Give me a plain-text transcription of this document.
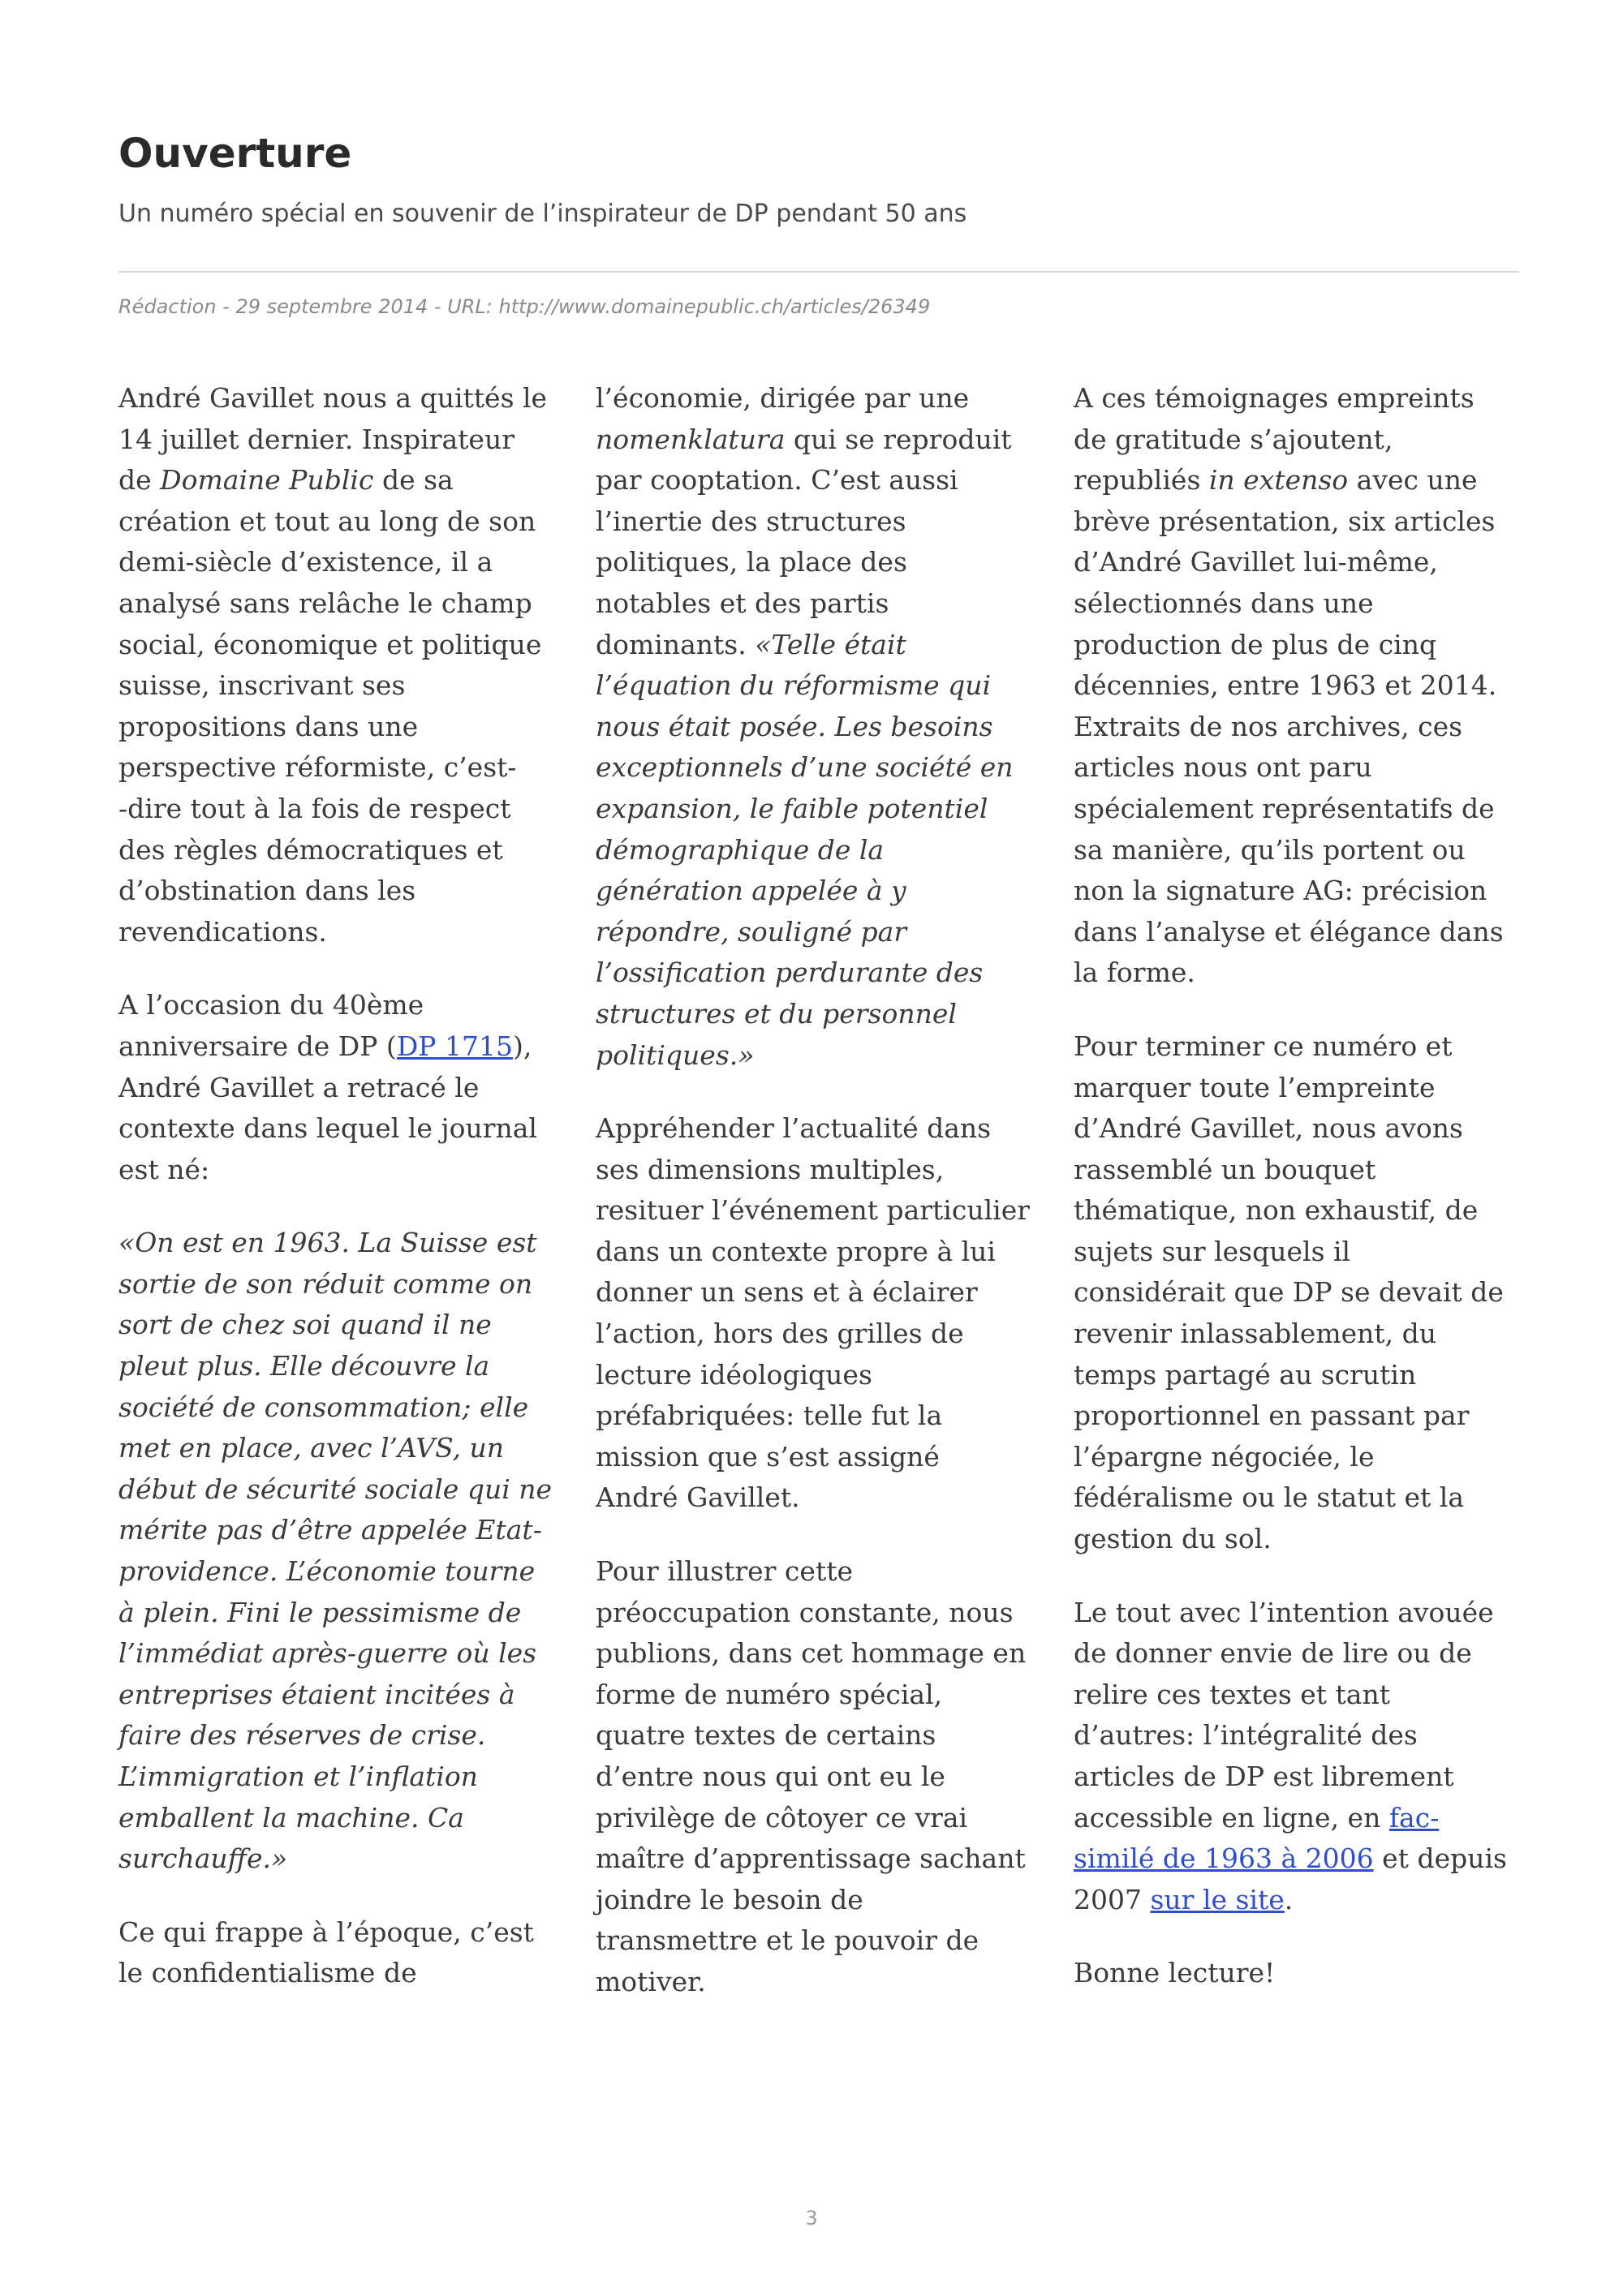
Ouverture

Un numéro spécial en souvenir de l’inspirateur de DP pendant 50 ans

Rédaction - 29 septembre 2014 - URL: http://www.domainepublic.ch/articles/26349

André Gavillet nous a quittés le
14 juillet dernier. Inspirateur
de Domaine Public de sa
création et tout au long de son
demi-siècle d’existence, il a
analysé sans relâche le champ
social, économique et politique
suisse, inscrivant ses
propositions dans une
perspective réformiste, c’est-
-dire tout à la fois de respect
des règles démocratiques et
d’obstination dans les
revendications.

A l’occasion du 40ème
anniversaire de DP (DP 1715),
André Gavillet a retracé le
contexte dans lequel le journal
est né:

«On est en 1963. La Suisse est
sortie de son réduit comme on
sort de chez soi quand il ne
pleut plus. Elle découvre la
société de consommation; elle
met en place, avec l’AVS, un
début de sécurité sociale qui ne
mérite pas d’être appelée Etat-
providence. L’économie tourne
à plein. Fini le pessimisme de
l’immédiat après-guerre où les
entreprises étaient incitées à
faire des réserves de crise.
L’immigration et l’inflation
emballent la machine. Ca
surchauffe.»

Ce qui frappe à l’époque, c’est
le confidentialisme de

l’économie, dirigée par une
nomenklatura qui se reproduit
par cooptation. C’est aussi
l’inertie des structures
politiques, la place des
notables et des partis
dominants. «Telle était
l’équation du réformisme qui
nous était posée. Les besoins
exceptionnels d’une société en
expansion, le faible potentiel
démographique de la
génération appelée à y
répondre, souligné par
l’ossification perdurante des
structures et du personnel
politiques.»

Appréhender l’actualité dans
ses dimensions multiples,
resituer l’événement particulier
dans un contexte propre à lui
donner un sens et à éclairer
l’action, hors des grilles de
lecture idéologiques
préfabriquées: telle fut la
mission que s’est assigné
André Gavillet.

Pour illustrer cette
préoccupation constante, nous
publions, dans cet hommage en
forme de numéro spécial,
quatre textes de certains
d’entre nous qui ont eu le
privilège de côtoyer ce vrai
maître d’apprentissage sachant
joindre le besoin de
transmettre et le pouvoir de
motiver.

A ces témoignages empreints
de gratitude s’ajoutent,
republiés in extenso avec une
brève présentation, six articles
d’André Gavillet lui-même,
sélectionnés dans une
production de plus de cinq
décennies, entre 1963 et 2014.
Extraits de nos archives, ces
articles nous ont paru
spécialement représentatifs de
sa manière, qu’ils portent ou
non la signature AG: précision
dans l’analyse et élégance dans
la forme.

Pour terminer ce numéro et
marquer toute l’empreinte
d’André Gavillet, nous avons
rassemblé un bouquet
thématique, non exhaustif, de
sujets sur lesquels il
considérait que DP se devait de
revenir inlassablement, du
temps partagé au scrutin
proportionnel en passant par
l’épargne négociée, le
fédéralisme ou le statut et la
gestion du sol.

Le tout avec l’intention avouée
de donner envie de lire ou de
relire ces textes et tant
d’autres: l’intégralité des
articles de DP est librement
accessible en ligne, en fac-
similé de 1963 à 2006 et depuis
2007 sur le site.

Bonne lecture!

3
